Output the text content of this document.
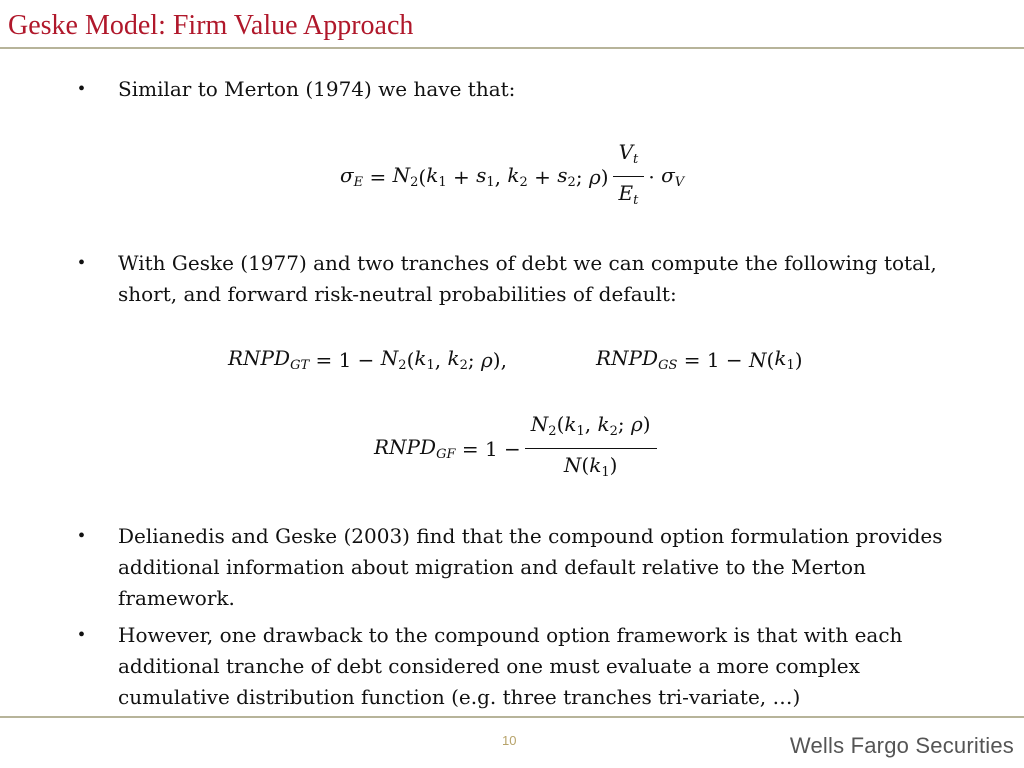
Geske Model: Firm Value Approach
•	Similar to Merton (1974) we have that:
$\sigma_E = N_2$ ( $k_1 + s_1$ , $k_2 + s_2$ ; ρ ) $\frac{V_t}{E_t} \cdot \sigma_V$
•	With Geske (1977) and two tranches of debt we can compute the following total, short, and forward risk-neutral probabilities of default:
$RNPD_{GT} = 1 - N_2$ ( $k_1$ , $k_2$ ; ρ ),	$RNPD_{GS} = 1 - N$ ( $k_1$ )
$RNPD_{GF} = 1 - \frac{N_2(k_1, k_2; \rho)}{N(k_1)}$
•	Delianedis and Geske (2003) find that the compound option formulation provides additional information about migration and default relative to the Merton framework.
•	However, one drawback to the compound option framework is that with each additional tranche of debt considered one must evaluate a more complex cumulative distribution function (e.g. three tranches tri-variate, …)
10	Wells Fargo Securities
